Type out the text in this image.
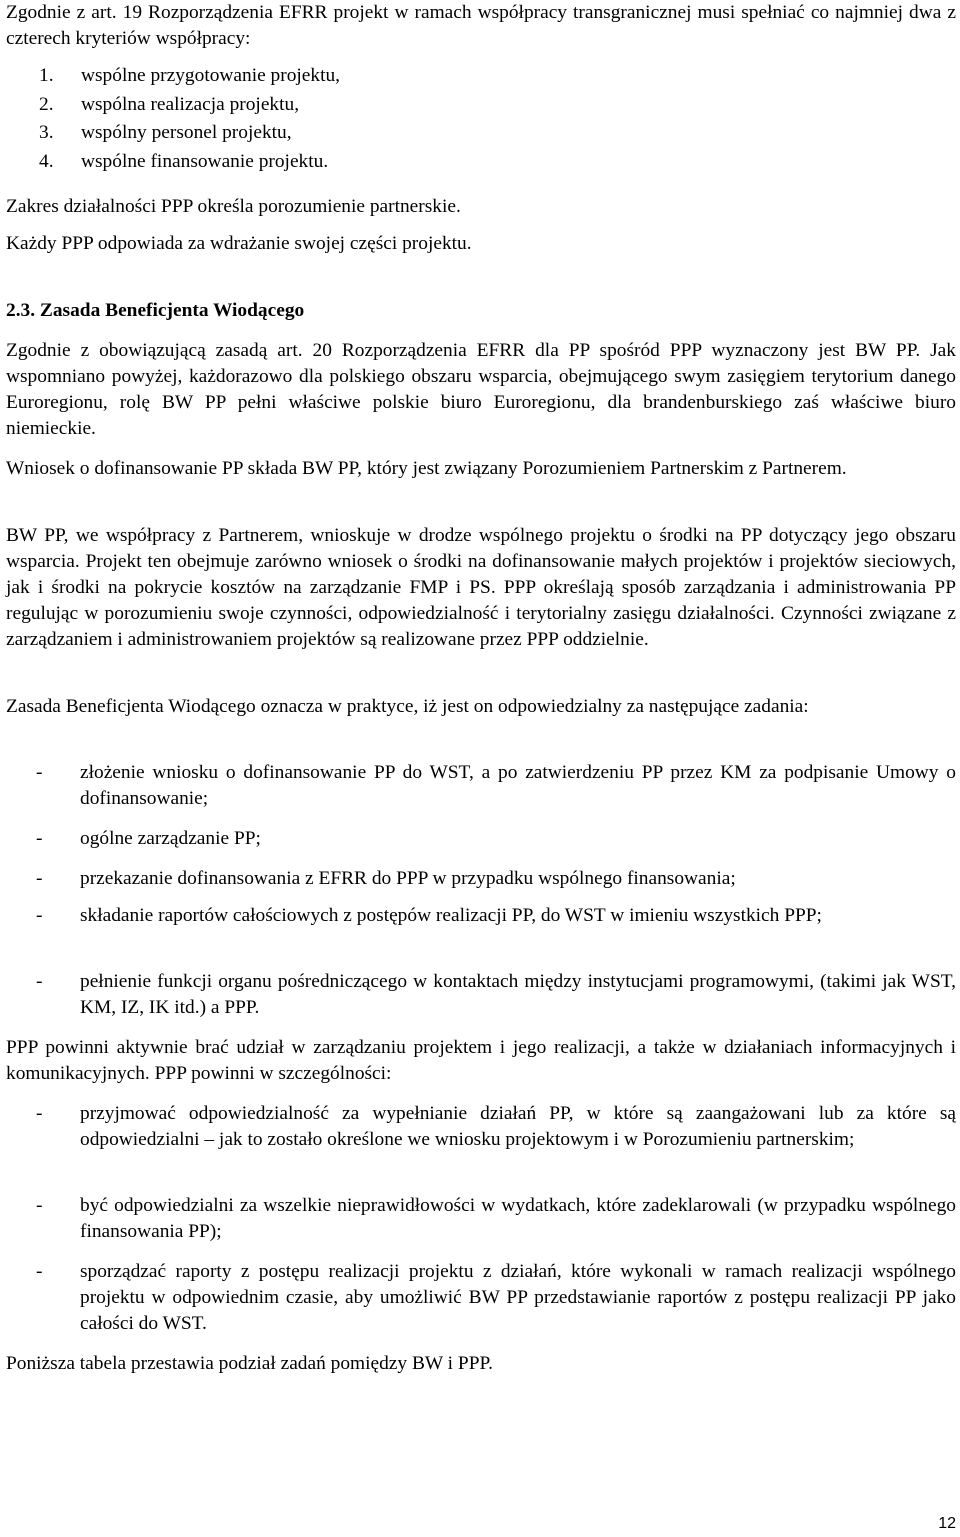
Zgodnie z art. 19 Rozporządzenia EFRR projekt w ramach współpracy transgranicznej musi spełniać co najmniej dwa z czterech kryteriów współpracy:

1. wspólne przygotowanie projektu,
2. wspólna realizacja projektu,
3. wspólny personel projektu,
4. wspólne finansowanie projektu.

Zakres działalności PPP określa porozumienie partnerskie.

Każdy PPP odpowiada za wdrażanie swojej części projektu.

2.3. Zasada Beneficjenta Wiodącego

Zgodnie z obowiązującą zasadą art. 20 Rozporządzenia EFRR dla PP spośród PPP wyznaczony jest BW PP. Jak wspomniano powyżej, każdorazowo dla polskiego obszaru wsparcia, obejmującego swym zasięgiem terytorium danego Euroregionu, rolę BW PP pełni właściwe polskie biuro Euroregionu, dla brandenburskiego zaś właściwe biuro niemieckie.

Wniosek o dofinansowanie PP składa BW PP, który jest związany Porozumieniem Partnerskim z Partnerem.

BW PP, we współpracy z Partnerem, wnioskuje w drodze wspólnego projektu o środki na PP dotyczący jego obszaru wsparcia. Projekt ten obejmuje zarówno wniosek o środki na dofinansowanie małych projektów i projektów sieciowych, jak i środki na pokrycie kosztów na zarządzanie FMP i PS. PPP określają sposób zarządzania i administrowania PP regulując w porozumieniu swoje czynności, odpowiedzialność i terytorialny zasięgu działalności. Czynności związane z zarządzaniem i administrowaniem projektów są realizowane przez PPP oddzielnie.

Zasada Beneficjenta Wiodącego oznacza w praktyce, iż jest on odpowiedzialny za następujące zadania:

- złożenie wniosku o dofinansowanie PP do WST, a po zatwierdzeniu PP przez KM za podpisanie Umowy o dofinansowanie;

- ogólne zarządzanie PP;

- przekazanie dofinansowania z EFRR do PPP w przypadku wspólnego finansowania;

- składanie raportów całościowych z postępów realizacji PP, do WST w imieniu wszystkich PPP;

- pełnienie funkcji organu pośredniczącego w kontaktach między instytucjami programowymi, (takimi jak WST, KM, IZ, IK itd.) a PPP.

PPP powinni aktywnie brać udział w zarządzaniu projektem i jego realizacji, a także w działaniach informacyjnych i komunikacyjnych. PPP powinni w szczególności:

- przyjmować odpowiedzialność za wypełnianie działań PP, w które są zaangażowani lub za które są odpowiedzialni – jak to zostało określone we wniosku projektowym i w Porozumieniu partnerskim;

- być odpowiedzialni za wszelkie nieprawidłowości w wydatkach, które zadeklarowali (w przypadku wspólnego finansowania PP);

- sporządzać raporty z postępu realizacji projektu z działań, które wykonali w ramach realizacji wspólnego projektu w odpowiednim czasie, aby umożliwić BW PP przedstawianie raportów z postępu realizacji PP jako całości do WST.

Poniższa tabela przestawia podział zadań pomiędzy BW i PPP.

12
